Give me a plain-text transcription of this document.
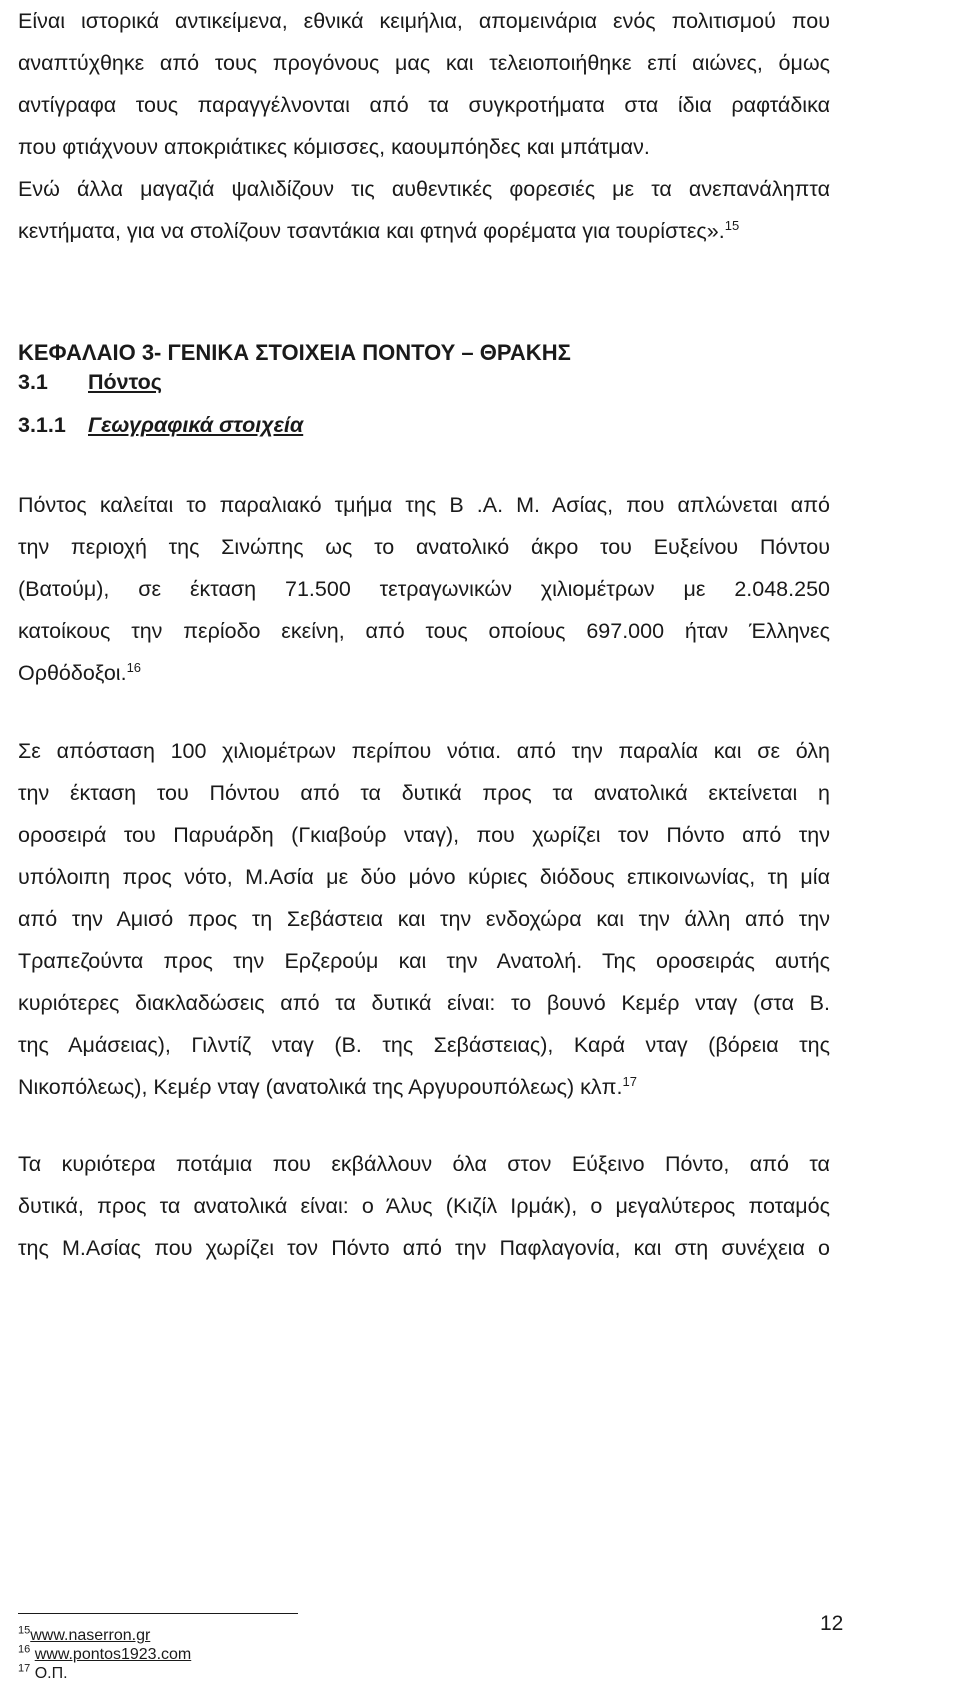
Είναι ιστορικά αντικείμενα, εθνικά κειμήλια, απομεινάρια ενός πολιτισμού που
αναπτύχθηκε από τους προγόνους μας και τελειοποιήθηκε επί αιώνες, όμως
αντίγραφα τους παραγγέλνονται από τα συγκροτήματα στα ίδια ραφτάδικα
που φτιάχνουν αποκριάτικες κόμισσες, καουμπόηδες και μπάτμαν.
Ενώ άλλα μαγαζιά ψαλιδίζουν τις αυθεντικές φορεσιές με τα ανεπανάληπτα
κεντήματα, για να στολίζουν τσαντάκια και φτηνά φορέματα για τουρίστες».$^{15}$
ΚΕΦΑΛΑΙΟ 3- ΓΕΝΙΚΑ ΣΤΟΙΧΕΙΑ ΠΟΝΤΟΥ – ΘΡΑΚΗΣ
3.1 Πόντος
3.1.1 Γεωγραφικά στοιχεία
Πόντος καλείται το παραλιακό τμήμα της Β .Α. Μ. Ασίας, που απλώνεται από
την περιοχή της Σινώπης ως το ανατολικό άκρο του Ευξείνου Πόντου
(Βατούμ), σε έκταση 71.500 τετραγωνικών χιλιομέτρων με 2.048.250
κατοίκους την περίοδο εκείνη, από τους οποίους 697.000 ήταν Έλληνες
Ορθόδοξοι.$^{16}$
Σε απόσταση 100 χιλιομέτρων περίπου νότια. από την παραλία και σε όλη
την έκταση του Πόντου από τα δυτικά προς τα ανατολικά εκτείνεται η
οροσειρά του Παρυάρδη (Γκιαβούρ νταγ), που χωρίζει τον Πόντο από την
υπόλοιπη προς νότο, Μ.Ασία με δύο μόνο κύριες διόδους επικοινωνίας, τη μία
από την Αμισό προς τη Σεβάστεια και την ενδοχώρα και την άλλη από την
Τραπεζούντα προς την Ερζερούμ και την Ανατολή. Της οροσειράς αυτής
κυριότερες διακλαδώσεις από τα δυτικά είναι: το βουνό Κεμέρ νταγ (στα Β.
της Αμάσειας), Γιλντίζ νταγ (Β. της Σεβάστειας), Καρά νταγ (βόρεια της
Νικοπόλεως), Κεμέρ νταγ (ανατολικά της Αργυρουπόλεως) κλπ.$^{17}$
Τα κυριότερα ποτάμια που εκβάλλουν όλα στον Εύξεινο Πόντο, από τα
δυτικά, προς τα ανατολικά είναι: ο Άλυς (Κιζίλ Ιρμάκ), ο μεγαλύτερος ποταμός
της Μ.Ασίας που χωρίζει τον Πόντο από την Παφλαγονία, και στη συνέχεια ο
$^{15}$www.naserron.gr
$^{16}$ www.pontos1923.com
$^{17}$ Ο.Π.
12
